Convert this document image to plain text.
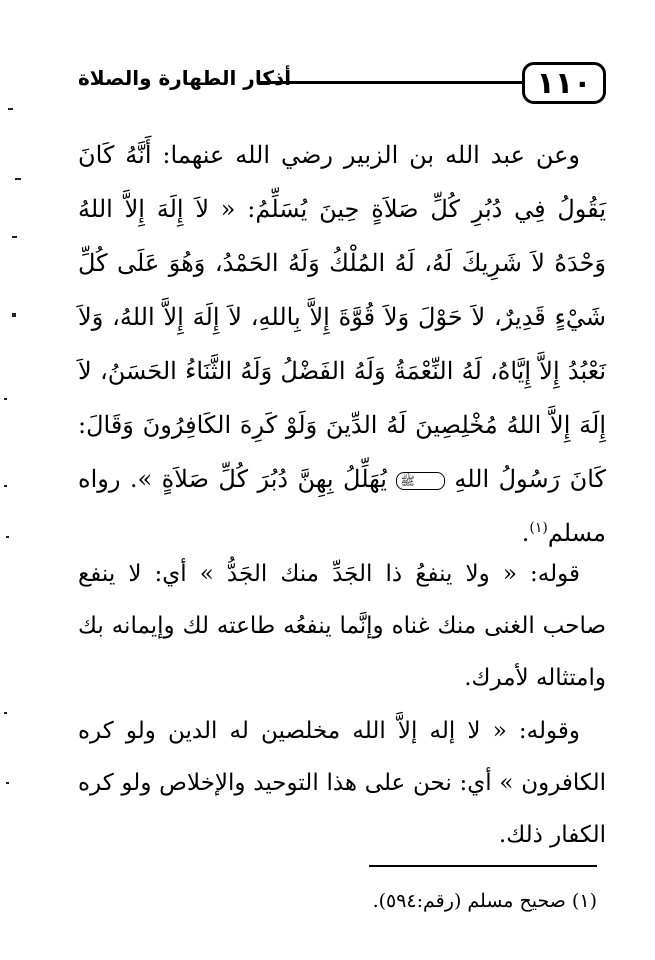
١١٠
أذكار الطهارة والصلاة

وعن عبد الله بن الزبير رضي الله عنهما: أَنَّهُ كَانَ يَقُولُ فِي دُبُرِ كُلِّ صَلاَةٍ حِينَ يُسَلِّمُ: « لاَ إِلَهَ إِلاَّ اللهُ وَحْدَهُ لاَ شَرِيكَ لَهُ، لَهُ المُلْكُ وَلَهُ الحَمْدُ، وَهُوَ عَلَى كُلِّ شَيْءٍ قَدِيرٌ، لاَ حَوْلَ وَلاَ قُوَّةَ إِلاَّ بِاللهِ، لاَ إِلَهَ إِلاَّ اللهُ، وَلاَ نَعْبُدُ إِلاَّ إِيَّاهُ، لَهُ النِّعْمَةُ وَلَهُ الفَضْلُ وَلَهُ الثَّنَاءُ الحَسَنُ، لاَ إِلَهَ إِلاَّ اللهُ مُخْلِصِينَ لَهُ الدِّينَ وَلَوْ كَرِهَ الكَافِرُونَ وَقَالَ: كَانَ رَسُولُ اللهِ ﷺ يُهَلِّلُ بِهِنَّ دُبُرَ كُلِّ صَلاَةٍ ». رواه مسلم$^{(١)}$.

قوله: « ولا ينفعُ ذا الجَدِّ منك الجَدُّ » أي: لا ينفع صاحب الغنى منك غناه وإنَّما ينفعُه طاعته لك وإيمانه بك وامتثاله لأمرك.

وقوله: « لا إله إلاَّ الله مخلصين له الدين ولو كره الكافرون » أي: نحن على هذا التوحيد والإخلاص ولو كره الكفار ذلك.

(١) صحيح مسلم (رقم:٥٩٤).
